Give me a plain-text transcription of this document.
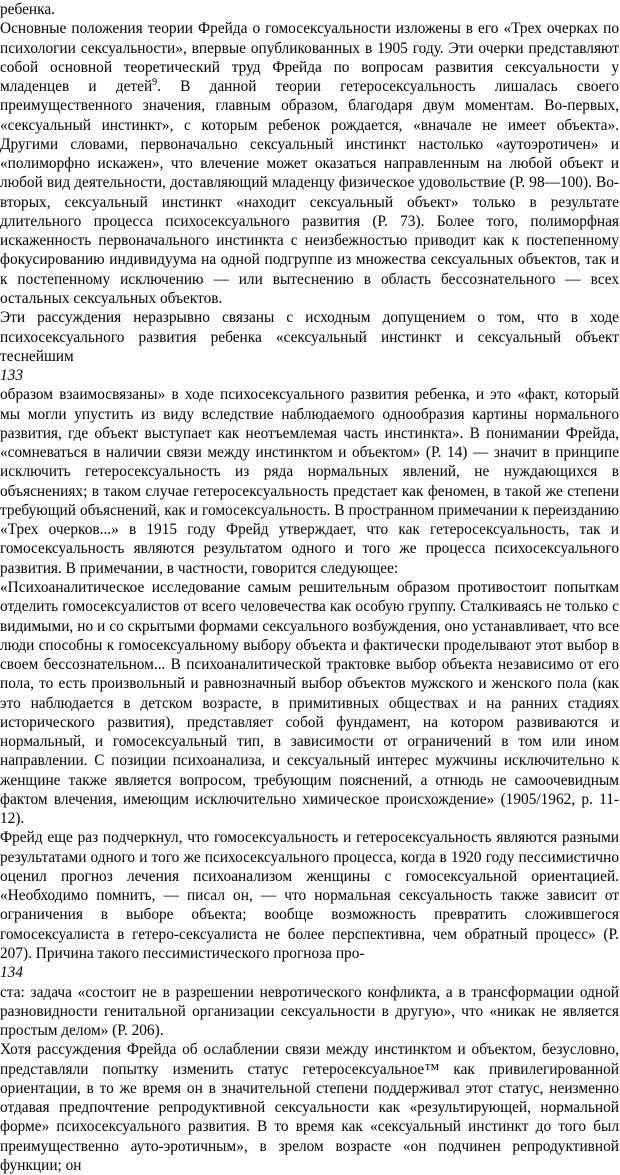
ребенка.

Основные положения теории Фрейда о гомосексуальности изложены в его «Трех очерках по психологии сексуальности», впервые опубликованных в 1905 году. Эти очерки представляют собой основной теоретический труд Фрейда по вопросам развития сексуальности у младенцев и детей$^9$. В данной теории гетеросексуальность лишалась своего преимущественного значения, главным образом, благодаря двум моментам. Во-первых, «сексуальный инстинкт», с которым ребенок рождается, «вначале не имеет объекта». Другими словами, первоначально сексуальный инстинкт настолько «аутоэротичен» и «полиморфно искажен», что влечение может оказаться направленным на любой объект и любой вид деятельности, доставляющий младенцу физическое удовольствие (Р. 98—100). Во-вторых, сексуальный инстинкт «находит сексуальный объект» только в результате длительного процесса психосексуального развития (Р. 73). Более того, полиморфная искаженность первоначального инстинкта с неизбежностью приводит как к постепенному фокусированию индивидуума на одной подгруппе из множества сексуальных объектов, так и к постепенному исключению — или вытеснению в область бессознательного — всех остальных сексуальных объектов.

Эти рассуждения неразрывно связаны с исходным допущением о том, что в ходе психосексуального развития ребенка «сексуальный инстинкт и сексуальный объект теснейшим

133

образом взаимосвязаны» в ходе психосексуального развития ребенка, и это «факт, который мы могли упустить из виду вследствие наблюдаемого однообразия картины нормального развития, где объект выступает как неотъемлемая часть инстинкта». В понимании Фрейда, «сомневаться в наличии связи между инстинктом и объектом» (Р. 14) — значит в принципе исключить гетеросексуальность из ряда нормальных явлений, не нуждающихся в объяснениях; в таком случае гетеросексуальность предстает как феномен, в такой же степени требующий объяснений, как и гомосексуальность. В пространном примечании к переизданию «Трех очерков...» в 1915 году Фрейд утверждает, что как гетеросексуальность, так и гомосексуальность являются результатом одного и того же процесса психосексуального развития. В примечании, в частности, говорится следующее:

«Психоаналитическое исследование самым решительным образом противостоит попыткам отделить гомосексуалистов от всего человечества как особую группу. Сталкиваясь не только с видимыми, но и со скрытыми формами сексуального возбуждения, оно устанавливает, что все люди способны к гомосексуальному выбору объекта и фактически проделывают этот выбор в своем бессознательном... В психоаналитической трактовке выбор объекта независимо от его пола, то есть произвольный и равнозначный выбор объектов мужского и женского пола (как это наблюдается в детском возрасте, в примитивных обществах и на ранних стадиях исторического развития), представляет собой фундамент, на котором развиваются и нормальный, и гомосексуальный тип, в зависимости от ограничений в том или ином направлении. С позиции психоанализа, и сексуальный интерес мужчины исключительно к женщине также является вопросом, требующим пояснений, а отнюдь не самоочевидным фактом влечения, имеющим исключительно химическое происхождение» (1905/1962, р. 11-12).

Фрейд еще раз подчеркнул, что гомосексуальность и гетеросексуальность являются разными результатами одного и того же психосексуального процесса, когда в 1920 году пессимистично оценил прогноз лечения психоанализом женщины с гомосексуальной ориентацией. «Необходимо помнить, — писал он, — что нормальная сексуальность также зависит от ограничения в выборе объекта; вообще возможность превратить сложившегося гомосексуалиста в гетеро-сексуалиста не более перспективна, чем обратный процесс» (Р. 207). Причина такого пессимистического прогноза про-

134

ста: задача «состоит не в разрешении невротического конфликта, а в трансформации одной разновидности генитальной организации сексуальности в другую», что «никак не является простым делом» (Р. 206).

Хотя рассуждения Фрейда об ослаблении связи между инстинктом и объектом, безусловно, представляли попытку изменить статус гетеросексуальное™ как привилегированной ориентации, в то же время он в значительной степени поддерживал этот статус, неизменно отдавая предпочтение репродуктивной сексуальности как «результирующей, нормальной форме» психосексуального развития. В то время как «сексуальный инстинкт до того был преимущественно ауто-эротичным», в зрелом возрасте «он подчинен репродуктивной функции; он
